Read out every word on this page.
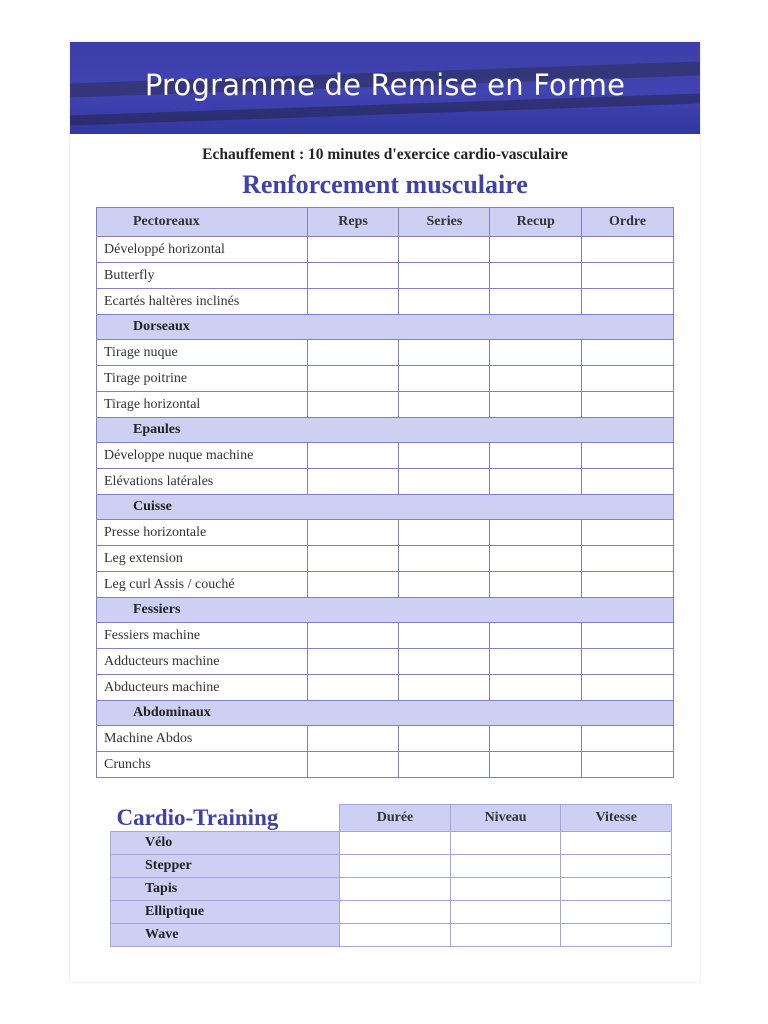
Programme de Remise en Forme
Echauffement : 10 minutes d'exercice cardio-vasculaire
Renforcement musculaire
Pectoreaux	Reps	Series	Recup	Ordre
Développé horizontal				
Butterfly				
Ecartés haltères inclinés				
Dorseaux				
Tirage nuque				
Tirage poitrine				
Tirage horizontal				
Epaules				
Développe nuque machine				
Elévations latérales				
Cuisse				
Presse horizontale				
Leg extension				
Leg curl Assis / couché				
Fessiers				
Fessiers machine				
Adducteurs machine				
Abducteurs machine				
Abdominaux				
Machine Abdos				
Crunchs				
Cardio-Training	Durée	Niveau	Vitesse
Vélo			
Stepper			
Tapis			
Elliptique			
Wave			
